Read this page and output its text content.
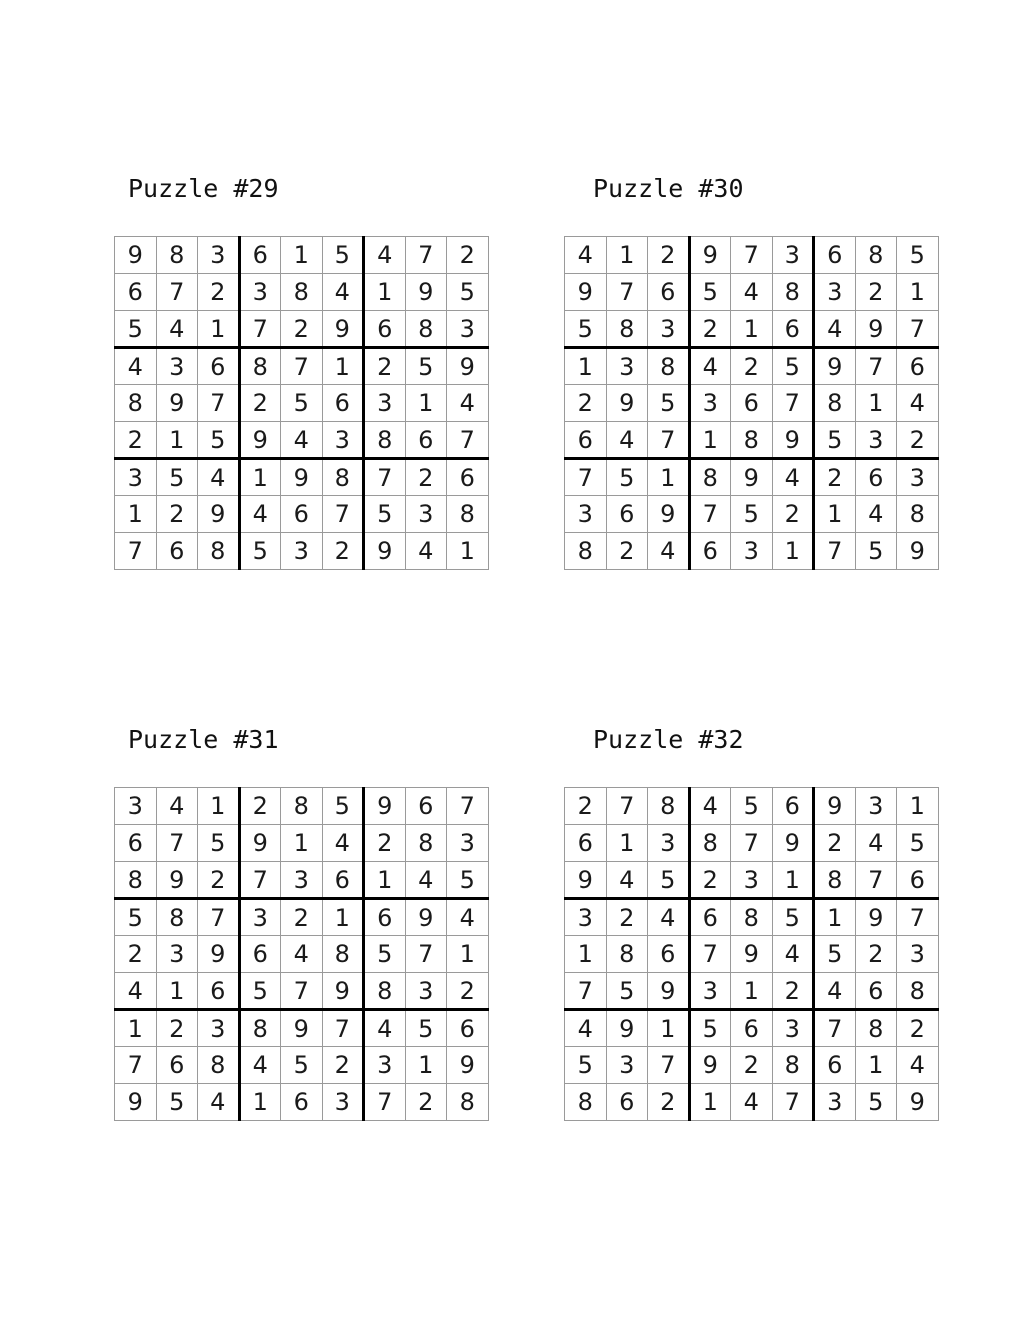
Puzzle #29
9	8	3	6	1	5	4	7	2
6	7	2	3	8	4	1	9	5
5	4	1	7	2	9	6	8	3
4	3	6	8	7	1	2	5	9
8	9	7	2	5	6	3	1	4
2	1	5	9	4	3	8	6	7
3	5	4	1	9	8	7	2	6
1	2	9	4	6	7	5	3	8
7	6	8	5	3	2	9	4	1
Puzzle #30
4	1	2	9	7	3	6	8	5
9	7	6	5	4	8	3	2	1
5	8	3	2	1	6	4	9	7
1	3	8	4	2	5	9	7	6
2	9	5	3	6	7	8	1	4
6	4	7	1	8	9	5	3	2
7	5	1	8	9	4	2	6	3
3	6	9	7	5	2	1	4	8
8	2	4	6	3	1	7	5	9
Puzzle #31
3	4	1	2	8	5	9	6	7
6	7	5	9	1	4	2	8	3
8	9	2	7	3	6	1	4	5
5	8	7	3	2	1	6	9	4
2	3	9	6	4	8	5	7	1
4	1	6	5	7	9	8	3	2
1	2	3	8	9	7	4	5	6
7	6	8	4	5	2	3	1	9
9	5	4	1	6	3	7	2	8
Puzzle #32
2	7	8	4	5	6	9	3	1
6	1	3	8	7	9	2	4	5
9	4	5	2	3	1	8	7	6
3	2	4	6	8	5	1	9	7
1	8	6	7	9	4	5	2	3
7	5	9	3	1	2	4	6	8
4	9	1	5	6	3	7	8	2
5	3	7	9	2	8	6	1	4
8	6	2	1	4	7	3	5	9
